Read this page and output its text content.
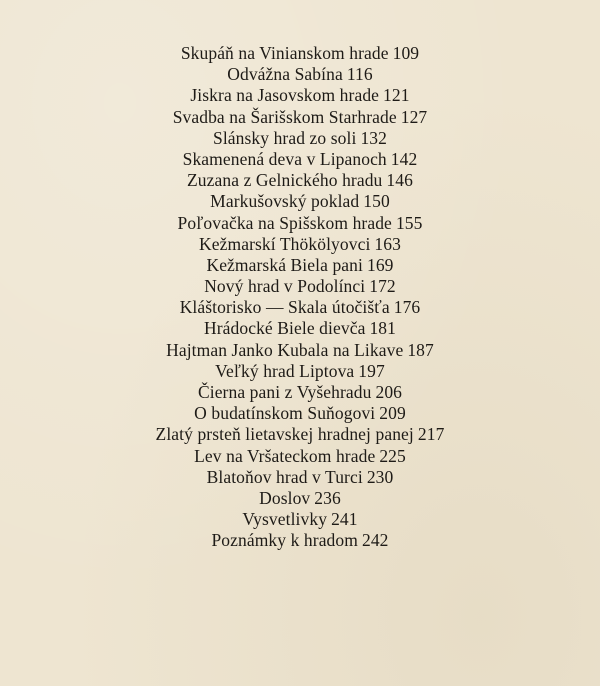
Skupáň na Vinianskom hrade 109
Odvážna Sabína 116
Jiskra na Jasovskom hrade 121
Svadba na Šarišskom Starhrade 127
Slánsky hrad zo soli 132
Skamenená deva v Lipanoch 142
Zuzana z Gelnického hradu 146
Markušovský poklad 150
Poľovačka na Spišskom hrade 155
Kežmarskí Thökölyovci 163
Kežmarská Biela pani 169
Nový hrad v Podolínci 172
Kláštorisko — Skala útočišťa 176
Hrádocké Biele dievča 181
Hajtman Janko Kubala na Likave 187
Veľký hrad Liptova 197
Čierna pani z Vyšehradu 206
O budatínskom Suňogovi 209
Zlatý prsteň lietavskej hradnej panej 217
Lev na Vršateckom hrade 225
Blatoňov hrad v Turci 230
Doslov 236
Vysvetlivky 241
Poznámky k hradom 242
